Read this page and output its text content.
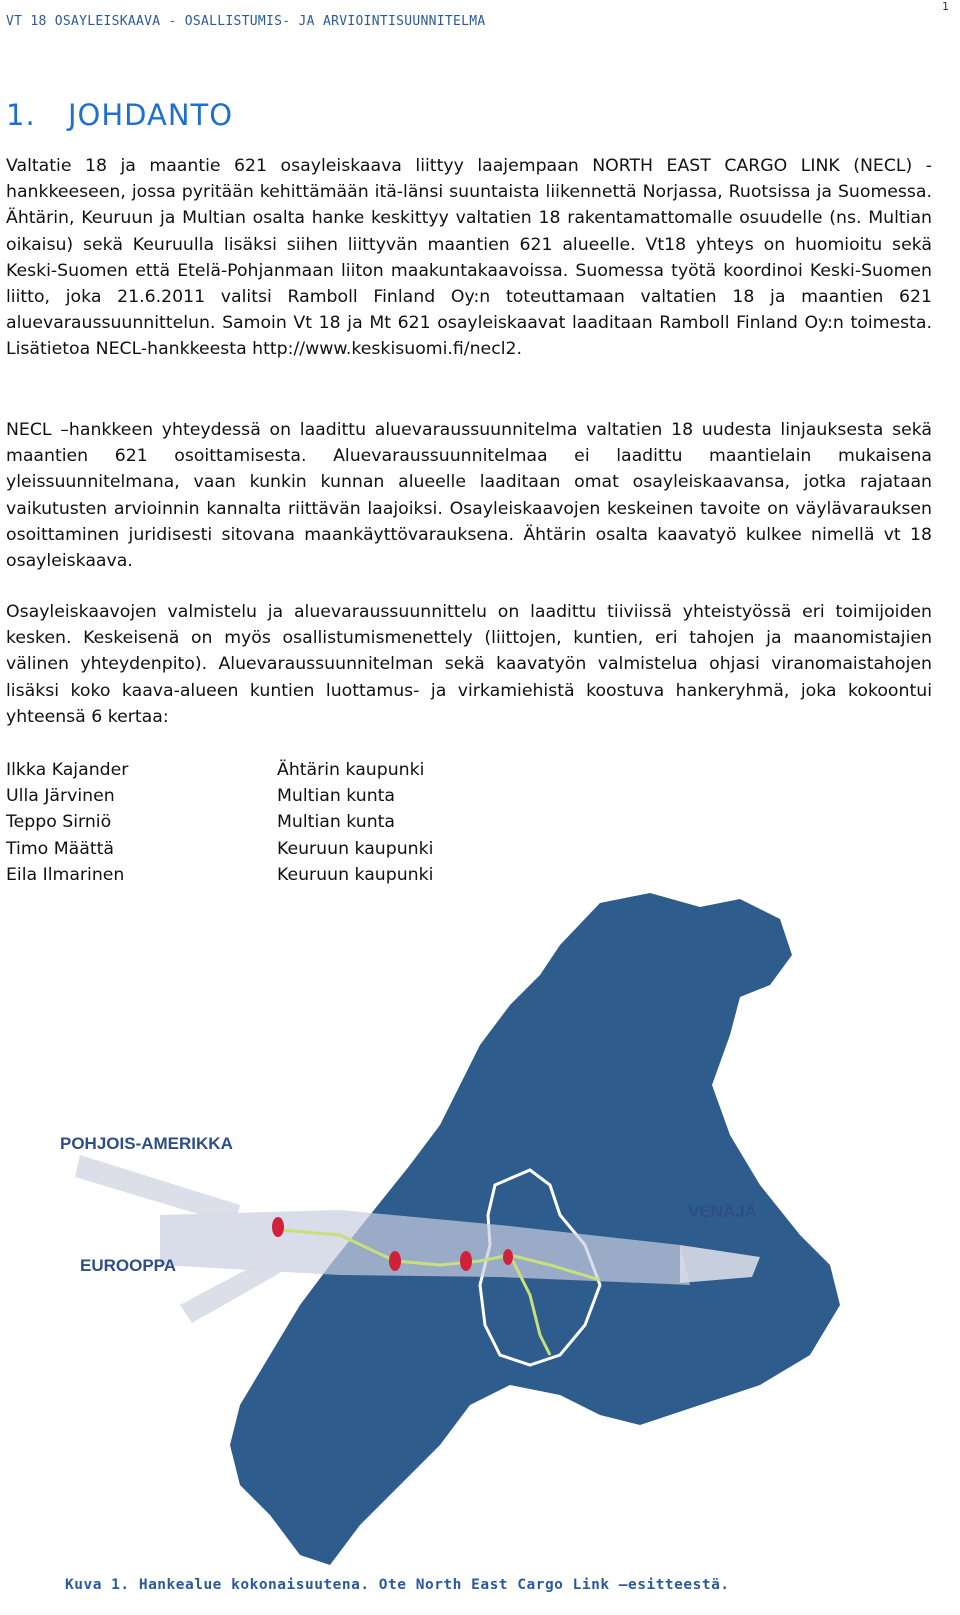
VT 18 OSAYLEISKAAVA - OSALLISTUMIS- JA ARVIOINTISUUNNITELMA
1
1. JOHDANTO
Valtatie 18 ja maantie 621 osayleiskaava liittyy laajempaan NORTH EAST CARGO LINK (NECL) -hankkeeseen, jossa pyritään kehittämään itä-länsi suuntaista liikennettä Norjassa, Ruotsissa ja Suomessa. Ähtärin, Keuruun ja Multian osalta hanke keskittyy valtatien 18 rakentamattomalle osuudelle (ns. Multian oikaisu) sekä Keuruulla lisäksi siihen liittyvän maantien 621 alueelle. Vt18 yhteys on huomioitu sekä Keski-Suomen että Etelä-Pohjanmaan liiton maakuntakaavoissa. Suomessa työtä koordinoi Keski-Suomen liitto, joka 21.6.2011 valitsi Ramboll Finland Oy:n toteuttamaan valtatien 18 ja maantien 621 aluevaraussuunnittelun. Samoin Vt 18 ja Mt 621 osayleiskaavat laaditaan Ramboll Finland Oy:n toimesta. Lisätietoa NECL-hankkeesta http://www.keskisuomi.fi/necl2.
NECL –hankkeen yhteydessä on laadittu aluevaraussuunnitelma valtatien 18 uudesta linjauksesta sekä maantien 621 osoittamisesta. Aluevaraussuunnitelmaa ei laadittu maantielain mukaisena yleissuunnitelmana, vaan kunkin kunnan alueelle laaditaan omat osayleiskaavansa, jotka rajataan vaikutusten arvioinnin kannalta riittävän laajoiksi. Osayleiskaavojen keskeinen tavoite on väylävarauksen osoittaminen juridisesti sitovana maankäyttövarauksena. Ähtärin osalta kaavatyö kulkee nimellä vt 18 osayleiskaava.
Osayleiskaavojen valmistelu ja aluevaraussuunnittelu on laadittu tiiviissä yhteistyössä eri toimijoiden kesken. Keskeisenä on myös osallistumismenettely (liittojen, kuntien, eri tahojen ja maanomistajien välinen yhteydenpito). Aluevaraussuunnitelman sekä kaavatyön valmistelua ohjasi viranomaistahojen lisäksi koko kaava-alueen kuntien luottamus- ja virkamiehistä koostuva hankeryhmä, joka kokoontui yhteensä 6 kertaa:
Ilkka Kajander	Ähtärin kaupunki
Ulla Järvinen	Multian kunta
Teppo Sirniö	Multian kunta
Timo Määttä	Keuruun kaupunki
Eila Ilmarinen	Keuruun kaupunki
POHJOIS-AMERIKKA
EUROOPPA
VENÄJÄ
Kuva 1. Hankealue kokonaisuutena. Ote North East Cargo Link –esitteestä.
